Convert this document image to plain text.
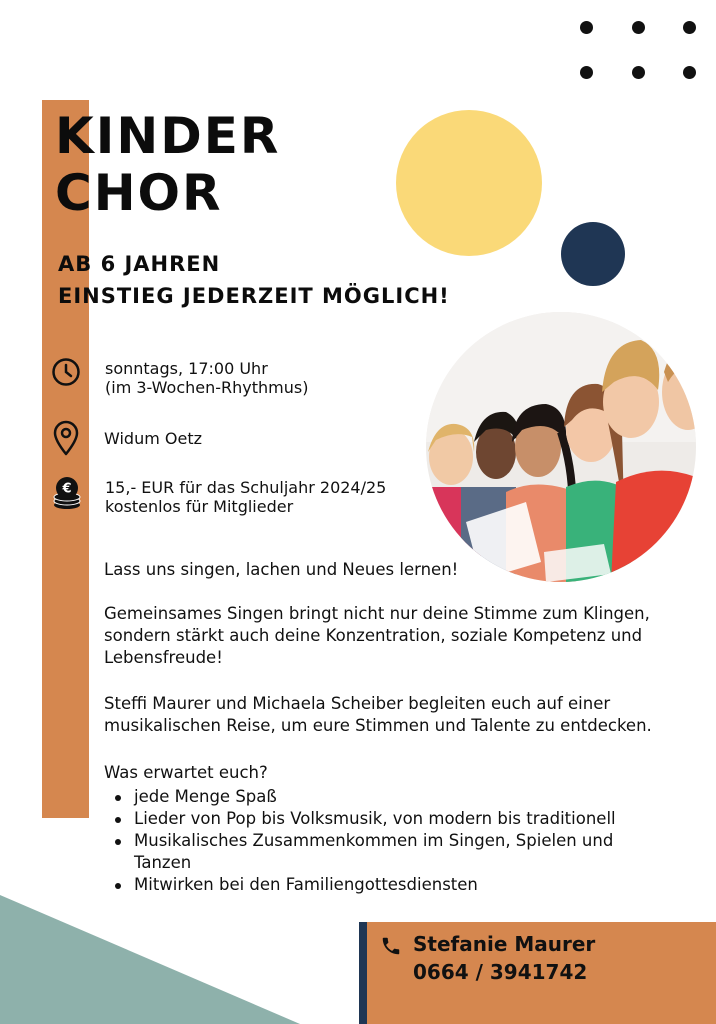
KINDER
CHOR
AB 6 JAHREN
EINSTIEG JEDERZEIT MÖGLICH!
sonntags, 17:00 Uhr
(im 3-Wochen-Rhythmus)
Widum Oetz
€ 15,- EUR für das Schuljahr 2024/25
kostenlos für Mitglieder
Lass uns singen, lachen und Neues lernen!
Gemeinsames Singen bringt nicht nur deine Stimme zum Klingen,
sondern stärkt auch deine Konzentration, soziale Kompetenz und
Lebensfreude!
Steffi Maurer und Michaela Scheiber begleiten euch auf einer
musikalischen Reise, um eure Stimmen und Talente zu entdecken.
Was erwartet euch?
jede Menge Spaß
Lieder von Pop bis Volksmusik, von modern bis traditionell
Musikalisches Zusammenkommen im Singen, Spielen und
Tanzen
Mitwirken bei den Familiengottesdiensten
Stefanie Maurer
0664 / 3941742
